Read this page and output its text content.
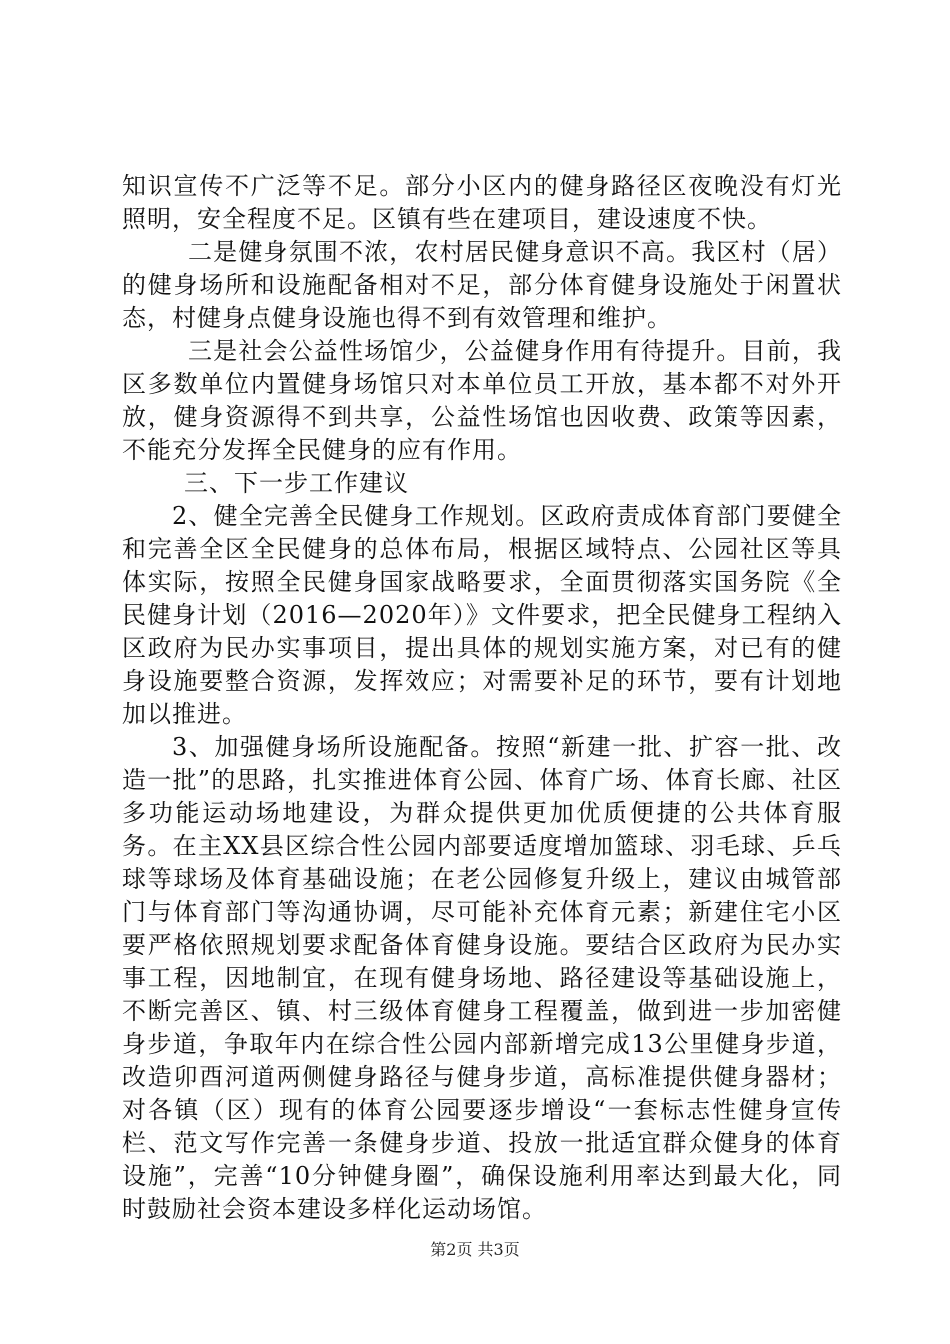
知识宣传不广泛等不足。部分小区内的健身路径区夜晚没有灯光照明，安全程度不足。区镇有些在建项目，建设速度不快。

二是健身氛围不浓，农村居民健身意识不高。我区村（居）的健身场所和设施配备相对不足，部分体育健身设施处于闲置状态，村健身点健身设施也得不到有效管理和维护。

三是社会公益性场馆少，公益健身作用有待提升。目前，我区多数单位内置健身场馆只对本单位员工开放，基本都不对外开放，健身资源得不到共享，公益性场馆也因收费、政策等因素，不能充分发挥全民健身的应有作用。

三、下一步工作建议

2、健全完善全民健身工作规划。区政府责成体育部门要健全和完善全区全民健身的总体布局，根据区域特点、公园社区等具体实际，按照全民健身国家战略要求，全面贯彻落实国务院《全民健身计划（2016—2020年）》文件要求，把全民健身工程纳入区政府为民办实事项目，提出具体的规划实施方案，对已有的健身设施要整合资源，发挥效应；对需要补足的环节，要有计划地加以推进。

3、加强健身场所设施配备。按照“新建一批、扩容一批、改造一批”的思路，扎实推进体育公园、体育广场、体育长廊、社区多功能运动场地建设，为群众提供更加优质便捷的公共体育服务。在主XX县区综合性公园内部要适度增加篮球、羽毛球、乒乓球等球场及体育基础设施；在老公园修复升级上，建议由城管部门与体育部门等沟通协调，尽可能补充体育元素；新建住宅小区要严格依照规划要求配备体育健身设施。要结合区政府为民办实事工程，因地制宜，在现有健身场地、路径建设等基础设施上，不断完善区、镇、村三级体育健身工程覆盖，做到进一步加密健身步道，争取年内在综合性公园内部新增完成13公里健身步道，改造卯酉河道两侧健身路径与健身步道，高标准提供健身器材；对各镇（区）现有的体育公园要逐步增设“一套标志性健身宣传栏、范文写作完善一条健身步道、投放一批适宜群众健身的体育设施”，完善“10分钟健身圈”，确保设施利用率达到最大化，同时鼓励社会资本建设多样化运动场馆。

第2页 共3页
